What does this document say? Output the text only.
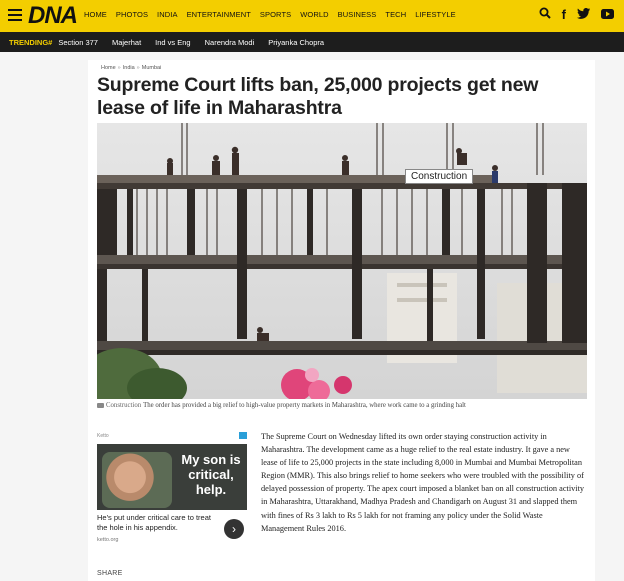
DNA HOME PHOTOS INDIA ENTERTAINMENT SPORTS WORLD BUSINESS TECH LIFESTYLE	f
TRENDING# Section 377 Majerhat Ind vs Eng Narendra Modi Priyanka Chopra
Home » India » Mumbai
Supreme Court lifts ban, 25,000 projects get new lease of life in Maharashtra
Construction
Construction The order has provided a big relief to high-value property markets in Maharashtra, where work came to a grinding halt
Ketto
My son is critical, help.
He's put under critical care to treat the hole in his appendix.
ketto.org
›
SHARE
The Supreme Court on Wednesday lifted its own order staying construction activity in Maharashtra. The development came as a huge relief to the real estate industry. It gave a new lease of life to 25,000 projects in the state including 8,000 in Mumbai and Mumbai Metropolitan Region (MMR). This also brings relief to home seekers who were troubled with the possibility of delayed possession of property. The apex court imposed a blanket ban on all construction activity in Maharashtra, Uttarakhand, Madhya Pradesh and Chandigarh on August 31 and slapped them with fines of Rs 3 lakh to Rs 5 lakh for not framing any policy under the Solid Waste Management Rules 2016.
